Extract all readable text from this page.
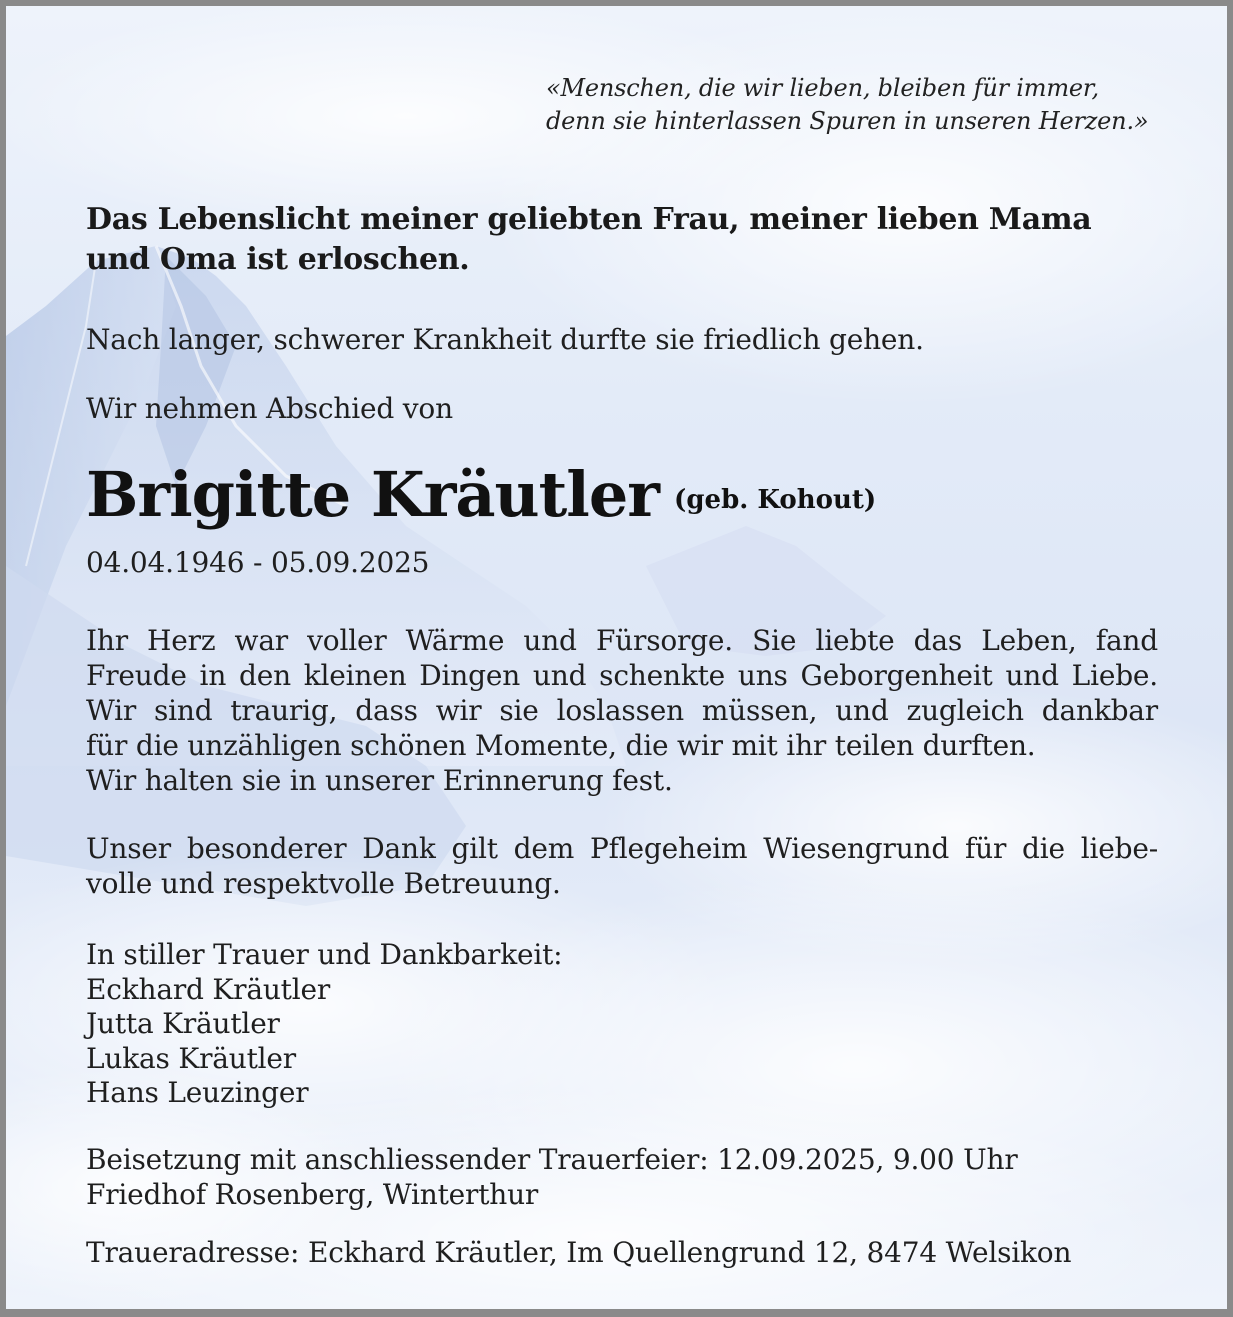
«Menschen, die wir lieben, bleiben für immer,
denn sie hinterlassen Spuren in unseren Herzen.»
Das Lebenslicht meiner geliebten Frau, meiner lieben Mama
und Oma ist erloschen.
Nach langer, schwerer Krankheit durfte sie friedlich gehen.
Wir nehmen Abschied von
Brigitte Kräutler (geb. Kohout)
04.04.1946 - 05.09.2025
Ihr Herz war voller Wärme und Fürsorge. Sie liebte das Leben, fand
Freude in den kleinen Dingen und schenkte uns Geborgenheit und Liebe.
Wir sind traurig, dass wir sie loslassen müssen, und zugleich dankbar
für die unzähligen schönen Momente, die wir mit ihr teilen durften.
Wir halten sie in unserer Erinnerung fest.
Unser besonderer Dank gilt dem Pflegeheim Wiesengrund für die liebe-
volle und respektvolle Betreuung.
In stiller Trauer und Dankbarkeit:
Eckhard Kräutler
Jutta Kräutler
Lukas Kräutler
Hans Leuzinger
Beisetzung mit anschliessender Trauerfeier: 12.09.2025, 9.00 Uhr
Friedhof Rosenberg, Winterthur
Traueradresse: Eckhard Kräutler, Im Quellengrund 12, 8474 Welsikon
